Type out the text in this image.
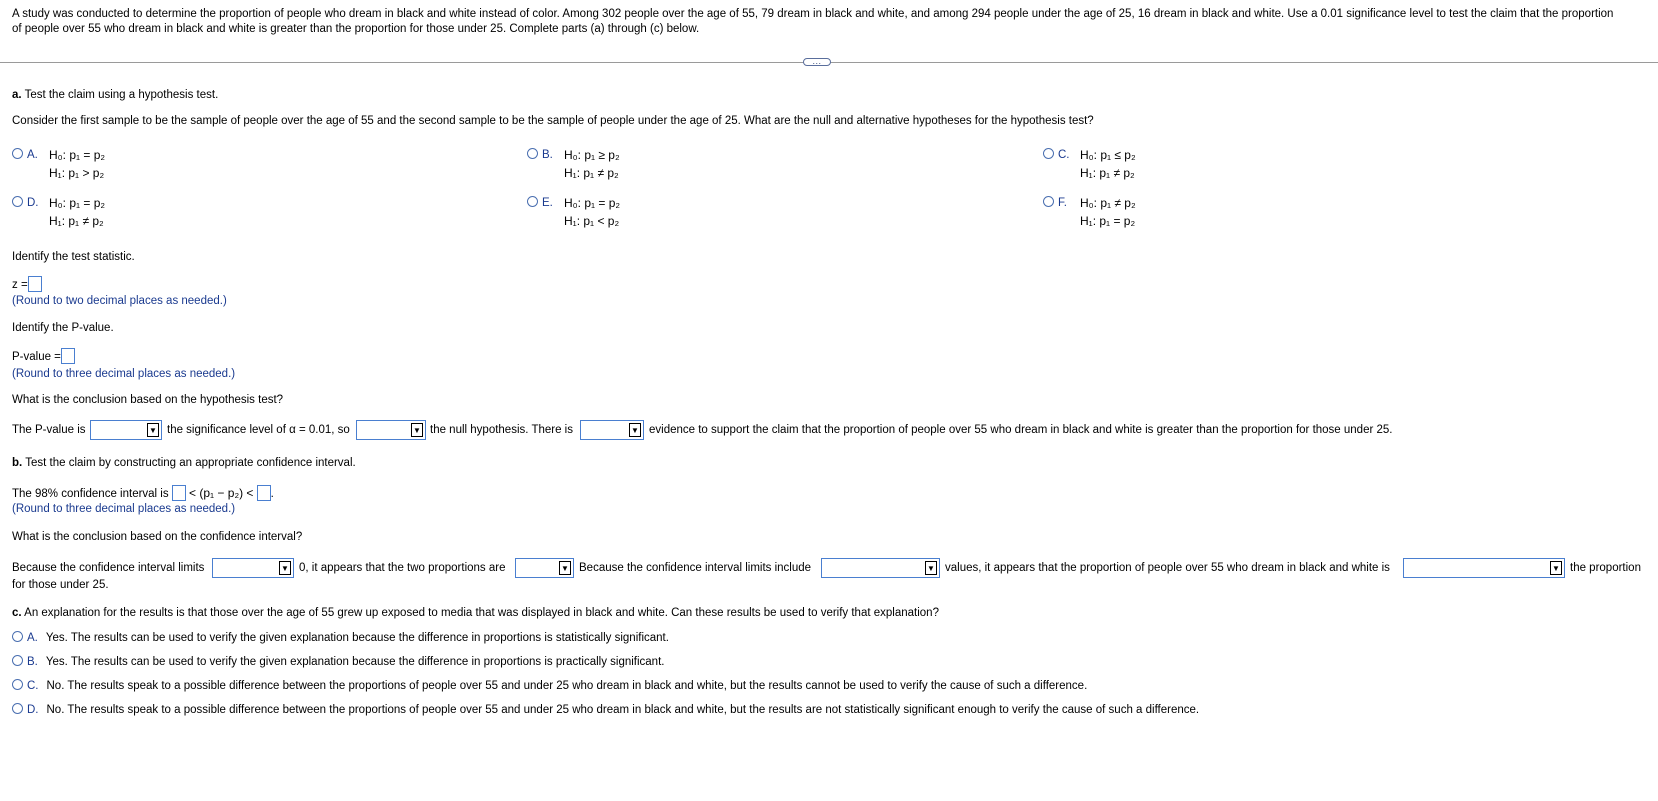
A study was conducted to determine the proportion of people who dream in black and white instead of color. Among 302 people over the age of 55, 79 dream in black and white, and among 294 people under the age of 25, 16 dream in black and white. Use a 0.01 significance level to test the claim that the proportion
of people over 55 who dream in black and white is greater than the proportion for those under 25. Complete parts (a) through (c) below.
...
a. Test the claim using a hypothesis test.
Consider the first sample to be the sample of people over the age of 55 and the second sample to be the sample of people under the age of 25. What are the null and alternative hypotheses for the hypothesis test?
A. H₀: p₁ = p₂
H₁: p₁ > p₂
B. H₀: p₁ ≥ p₂
H₁: p₁ ≠ p₂
C. H₀: p₁ ≤ p₂
H₁: p₁ ≠ p₂
D. H₀: p₁ = p₂
H₁: p₁ ≠ p₂
E. H₀: p₁ = p₂
H₁: p₁ < p₂
F. H₀: p₁ ≠ p₂
H₁: p₁ = p₂
Identify the test statistic.
z =
(Round to two decimal places as needed.)
Identify the P-value.
P-value =
(Round to three decimal places as needed.)
What is the conclusion based on the hypothesis test?
The P-value is	▼ the significance level of α = 0.01, so	▼ the null hypothesis. There is	▼ evidence to support the claim that the proportion of people over 55 who dream in black and white is greater than the proportion for those under 25.
b. Test the claim by constructing an appropriate confidence interval.
The 98% confidence interval is < (p₁ − p₂) < .
(Round to three decimal places as needed.)
What is the conclusion based on the confidence interval?
Because the confidence interval limits	▼ 0, it appears that the two proportions are	▼ Because the confidence interval limits include	▼ values, it appears that the proportion of people over 55 who dream in black and white is	▼ the proportion
for those under 25.
c. An explanation for the results is that those over the age of 55 grew up exposed to media that was displayed in black and white. Can these results be used to verify that explanation?
A. Yes. The results can be used to verify the given explanation because the difference in proportions is statistically significant.
B. Yes. The results can be used to verify the given explanation because the difference in proportions is practically significant.
C. No. The results speak to a possible difference between the proportions of people over 55 and under 25 who dream in black and white, but the results cannot be used to verify the cause of such a difference.
D. No. The results speak to a possible difference between the proportions of people over 55 and under 25 who dream in black and white, but the results are not statistically significant enough to verify the cause of such a difference.
